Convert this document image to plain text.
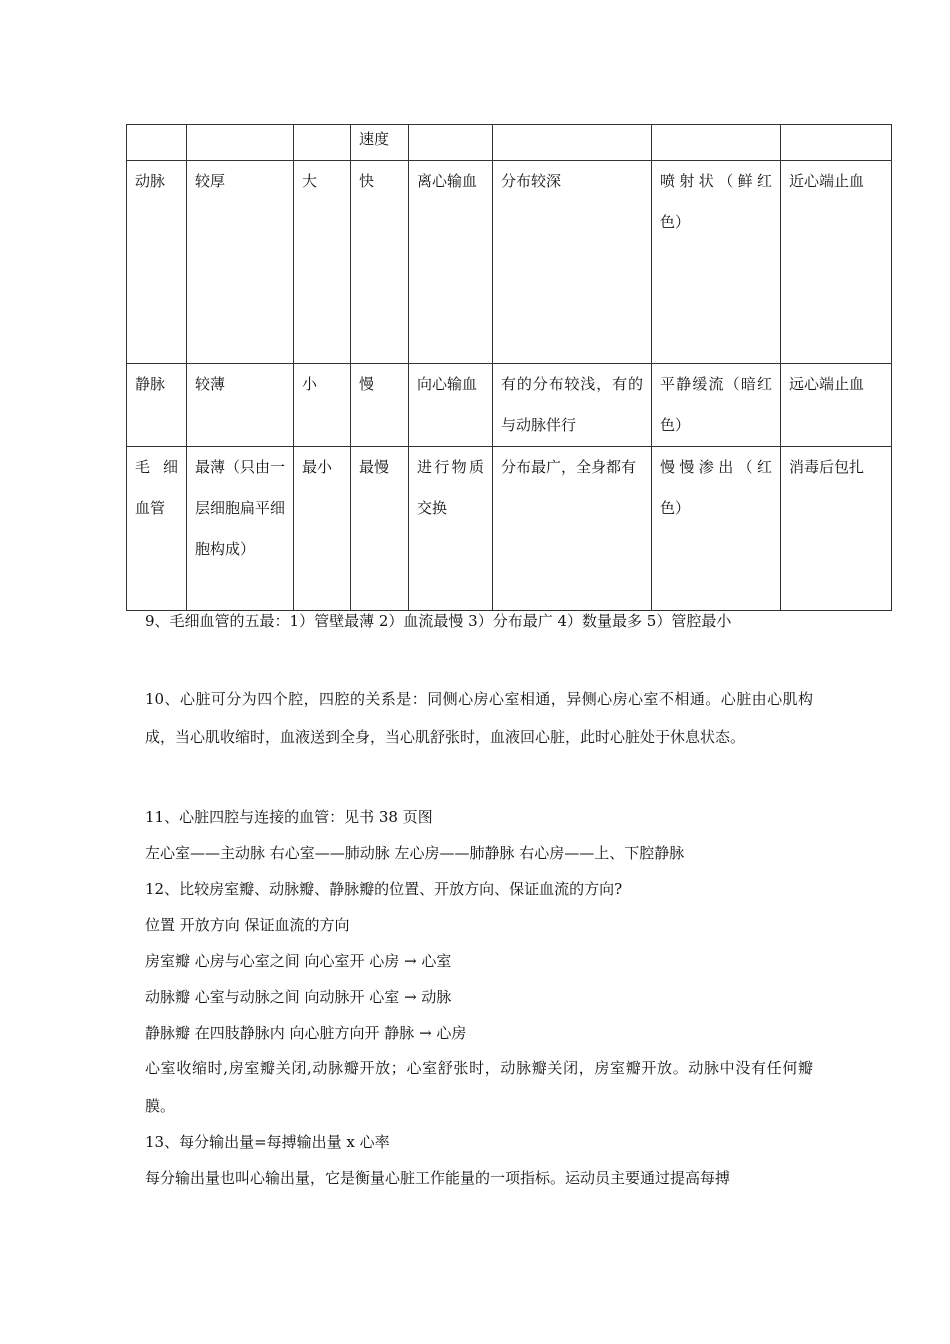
			速度				
动脉	较厚	大	快	离心输血	分布较深	喷射状（鲜红色）	近心端止血
静脉	较薄	小	慢	向心输血	有的分布较浅，有的与动脉伴行	平静缓流（暗红色）	远心端止血
毛细血管	最薄（只由一层细胞扁平细胞构成）	最小	最慢	进行物质交换	分布最广，全身都有	慢慢渗出（红色）	消毒后包扎

9、毛细血管的五最：1）管壁最薄 2）血流最慢 3）分布最广 4）数量最多 5）管腔最小

10、心脏可分为四个腔，四腔的关系是：同侧心房心室相通，异侧心房心室不相通。心脏由心肌构成，当心肌收缩时，血液送到全身，当心肌舒张时，血液回心脏，此时心脏处于休息状态。

11、心脏四腔与连接的血管：见书 38 页图

左心室——主动脉 右心室——肺动脉 左心房——肺静脉 右心房——上、下腔静脉

12、比较房室瓣、动脉瓣、静脉瓣的位置、开放方向、保证血流的方向?

位置 开放方向 保证血流的方向

房室瓣 心房与心室之间 向心室开 心房 → 心室

动脉瓣 心室与动脉之间 向动脉开 心室 → 动脉

静脉瓣 在四肢静脉内 向心脏方向开 静脉 → 心房

心室收缩时,房室瓣关闭,动脉瓣开放；心室舒张时，动脉瓣关闭，房室瓣开放。动脉中没有任何瓣膜。

13、每分输出量=每搏输出量 x 心率

每分输出量也叫心输出量，它是衡量心脏工作能量的一项指标。运动员主要通过提高每搏
